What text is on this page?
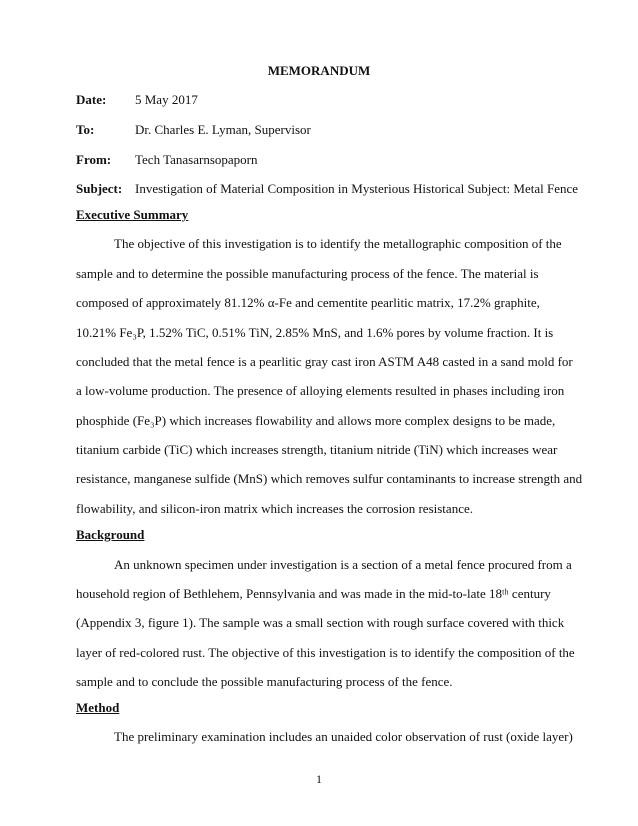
MEMORANDUM
Date: 5 May 2017
To:	Dr. Charles E. Lyman, Supervisor
From: Tech Tanasarnsopaporn
Subject: Investigation of Material Composition in Mysterious Historical Subject: Metal Fence
Executive Summary
The objective of this investigation is to identify the metallographic composition of the
sample and to determine the possible manufacturing process of the fence. The material is
composed of approximately 81.12% α-Fe and cementite pearlitic matrix, 17.2% graphite,
10.21% Fe₃P, 1.52% TiC, 0.51% TiN, 2.85% MnS, and 1.6% pores by volume fraction. It is
concluded that the metal fence is a pearlitic gray cast iron ASTM A48 casted in a sand mold for
a low-volume production. The presence of alloying elements resulted in phases including iron
phosphide (Fe₃P) which increases flowability and allows more complex designs to be made,
titanium carbide (TiC) which increases strength, titanium nitride (TiN) which increases wear
resistance, manganese sulfide (MnS) which removes sulfur contaminants to increase strength and
flowability, and silicon-iron matrix which increases the corrosion resistance.
Background
An unknown specimen under investigation is a section of a metal fence procured from a
household region of Bethlehem, Pennsylvania and was made in the mid-to-late 18ᵗʰ century
(Appendix 3, figure 1). The sample was a small section with rough surface covered with thick
layer of red-colored rust. The objective of this investigation is to identify the composition of the
sample and to conclude the possible manufacturing process of the fence.
Method
The preliminary examination includes an unaided color observation of rust (oxide layer)
1
